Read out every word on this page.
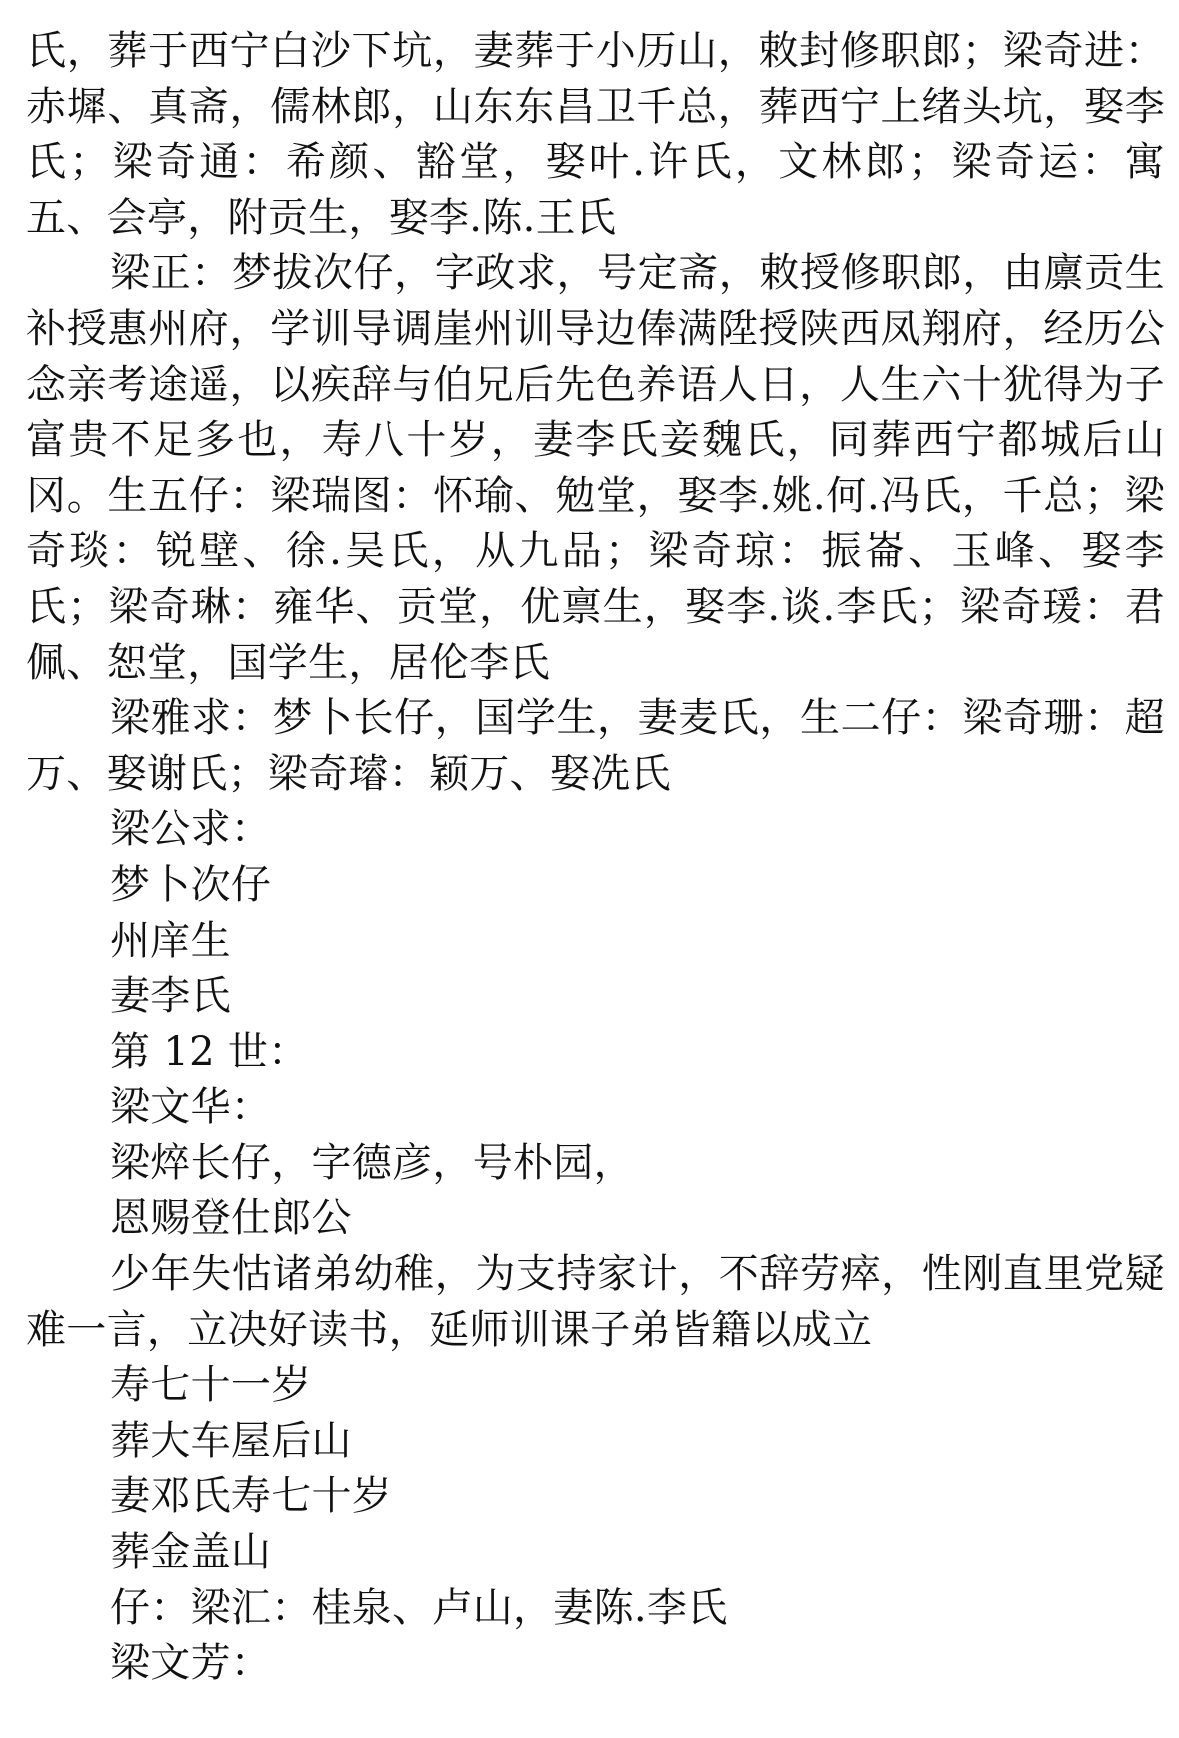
氏，葬于西宁白沙下坑，妻葬于小历山，敕封修职郎；梁奇进：赤墀、真斋，儒林郎，山东东昌卫千总，葬西宁上绪头坑，娶李氏；梁奇通：希颜、豁堂，娶叶.许氏，文林郎；梁奇运：寓五、会亭，附贡生，娶李.陈.王氏

梁正：梦拔次仔，字政求，号定斋，敕授修职郎，由廪贡生补授惠州府，学训导调崖州训导边俸满陞授陕西凤翔府，经历公念亲考途遥，以疾辞与伯兄后先色养语人日，人生六十犹得为子富贵不足多也，寿八十岁，妻李氏妾魏氏，同葬西宁都城后山冈。生五仔：梁瑞图：怀瑜、勉堂，娶李.姚.何.冯氏，千总；梁奇琰：锐壁、徐.吴氏，从九品；梁奇琼：振崙、玉峰、娶李氏；梁奇琳：雍华、贡堂，优禀生，娶李.谈.李氏；梁奇瑗：君佩、恕堂，国学生，居伦李氏

梁雅求：梦卜长仔，国学生，妻麦氏，生二仔：梁奇珊：超万、娶谢氏；梁奇璿：颖万、娶冼氏

梁公求：

梦卜次仔

州庠生

妻李氏

第 12 世：

梁文华：

梁焠长仔，字德彦，号朴园，

恩赐登仕郎公

少年失怙诸弟幼稚，为支持家计，不辞劳瘁，性刚直里党疑难一言，立决好读书，延师训课子弟皆籍以成立

寿七十一岁

葬大车屋后山

妻邓氏寿七十岁

葬金盖山

仔：梁汇：桂泉、卢山，妻陈.李氏

梁文芳：
